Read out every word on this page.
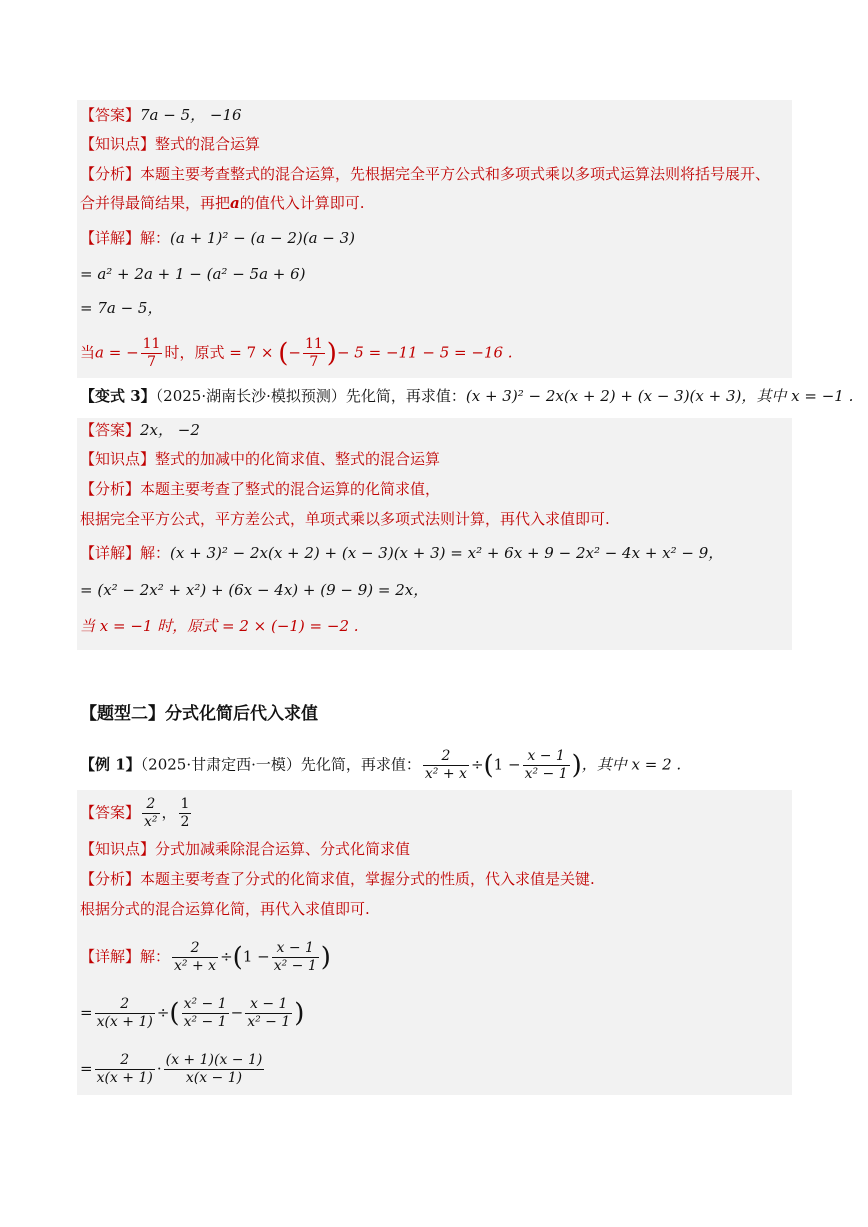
【答案】7a − 5， −16
【知识点】整式的混合运算
【分析】本题主要考查整式的混合运算，先根据完全平方公式和多项式乘以多项式运算法则将括号展开、
合并得最简结果，再把a的值代入计算即可.
【详解】解：(a + 1)² − (a − 2)(a − 3)
= a² + 2a + 1 − (a² − 5a + 6)
= 7a − 5，
当a = − $\frac{11}{7}$ 时，原式 = 7 × (− $\frac{11}{7}$ )− 5 = −11 − 5 = −16 .
【变式 3】（2025·湖南长沙·模拟预测）先化简，再求值：(x + 3)² − 2x(x + 2) + (x − 3)(x + 3)，其中 x = −1 .
【答案】2x， −2
【知识点】整式的加减中的化简求值、整式的混合运算
【分析】本题主要考查了整式的混合运算的化简求值，
根据完全平方公式，平方差公式，单项式乘以多项式法则计算，再代入求值即可.
【详解】解：(x + 3)² − 2x(x + 2) + (x − 3)(x + 3) = x² + 6x + 9 − 2x² − 4x + x² − 9，
= (x² − 2x² + x²) + (6x − 4x) + (9 − 9) = 2x，
当 x = −1 时，原式 = 2 × (−1) = −2 .
【题型二】分式化简后代入求值
【例 1】（2025·甘肃定西·一模）先化简，再求值： $\frac{2}{\text{x² + x}} \div(1 - \frac{x - 1}{\text{x² − 1}}$ )，其中 x = 2 .
【答案】 $\frac{2}{\text{x²}}$ ， $\frac{1}{2}$
【知识点】分式加减乘除混合运算、分式化简求值
【分析】本题主要考查了分式的化简求值，掌握分式的性质，代入求值是关键.
根据分式的混合运算化简，再代入求值即可.
【详解】解： $\frac{2}{\text{x² + x}} \div(1 - \frac{x - 1}{\text{x² − 1}}$ )
= $\frac{2}{x(x + 1)}$ ÷( $\frac{\text{x² − 1}}{\text{x² − 1}} - \frac{x - 1}{\text{x² − 1}}$ )
= $\frac{2}{x(x + 1)} \cdot \frac{(x + 1)(x - 1)}{x(x - 1)}$
